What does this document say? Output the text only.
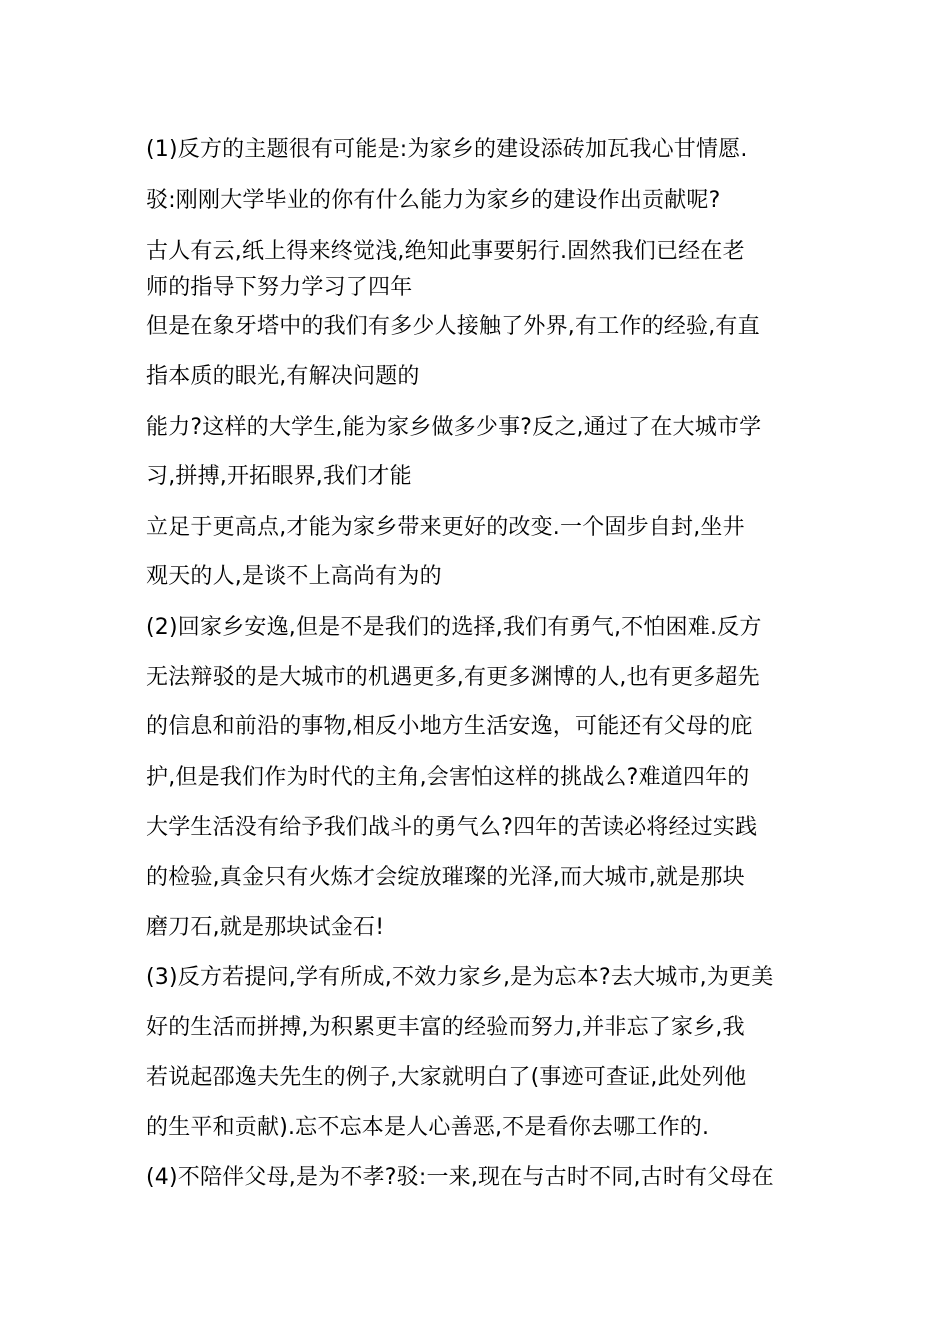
(1)反方的主题很有可能是:为家乡的建设添砖加瓦我心甘情愿.
驳:刚刚大学毕业的你有什么能力为家乡的建设作出贡献呢?
古人有云,纸上得来终觉浅,绝知此事要躬行.固然我们已经在老
师的指导下努力学习了四年
但是在象牙塔中的我们有多少人接触了外界,有工作的经验,有直
指本质的眼光,有解决问题的
能力?这样的大学生,能为家乡做多少事?反之,通过了在大城市学
习,拼搏,开拓眼界,我们才能
立足于更高点,才能为家乡带来更好的改变.一个固步自封,坐井
观天的人,是谈不上高尚有为的
(2)回家乡安逸,但是不是我们的选择,我们有勇气,不怕困难.反方
无法辩驳的是大城市的机遇更多,有更多渊博的人,也有更多超先
的信息和前沿的事物,相反小地方生活安逸，可能还有父母的庇
护,但是我们作为时代的主角,会害怕这样的挑战么?难道四年的
大学生活没有给予我们战斗的勇气么?四年的苦读必将经过实践
的检验,真金只有火炼才会绽放璀璨的光泽,而大城市,就是那块
磨刀石,就是那块试金石!
(3)反方若提问,学有所成,不效力家乡,是为忘本?去大城市,为更美
好的生活而拼搏,为积累更丰富的经验而努力,并非忘了家乡,我
若说起邵逸夫先生的例子,大家就明白了(事迹可查证,此处列他
的生平和贡献).忘不忘本是人心善恶,不是看你去哪工作的.
(4)不陪伴父母,是为不孝?驳:一来,现在与古时不同,古时有父母在
